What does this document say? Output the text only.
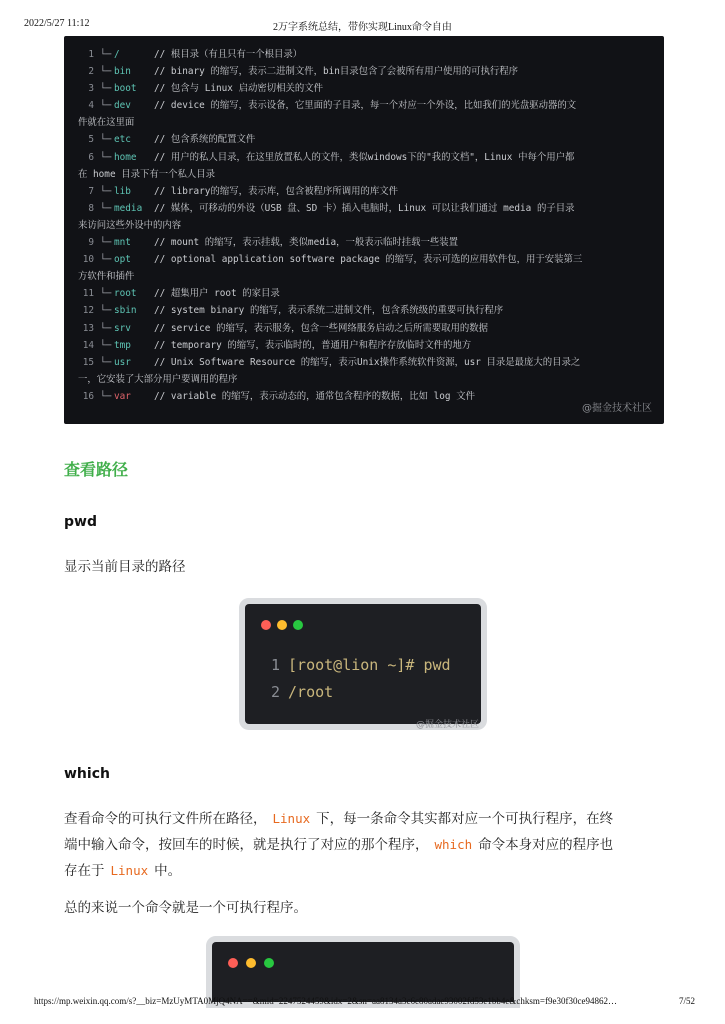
2022/5/27 11:12	2万字系统总结，带你实现Linux命令自由
1 └─ /	// 根目录（有且只有一个根目录）
2 └─ bin // binary 的缩写，表示二进制文件，bin目录包含了会被所有用户使用的可执行程序
3 └─ boot // 包含与 Linux 启动密切相关的文件
4 └─ dev // device 的缩写，表示设备，它里面的子目录，每一个对应一个外设，比如我们的光盘驱动器的文
件就在这里面
5 └─ etc // 包含系统的配置文件
6 └─ home // 用户的私人目录，在这里放置私人的文件，类似windows下的"我的文档"，Linux 中每个用户都
在 home 目录下有一个私人目录
7 └─ lib // library的缩写，表示库，包含被程序所调用的库文件
8 └─ media // 媒体，可移动的外设（USB 盘、SD 卡）插入电脑时，Linux 可以让我们通过 media 的子目录
来访问这些外设中的内容
9 └─ mnt // mount 的缩写，表示挂载，类似media，一般表示临时挂载一些装置
10 └─ opt // optional application software package 的缩写，表示可选的应用软件包，用于安装第三
方软件和插件
11 └─ root // 超集用户 root 的家目录
12 └─ sbin // system binary 的缩写，表示系统二进制文件，包含系统级的重要可执行程序
13 └─ srv // service 的缩写，表示服务，包含一些网络服务启动之后所需要取用的数据
14 └─ tmp // temporary 的缩写，表示临时的，普通用户和程序存放临时文件的地方
15 └─ usr // Unix Software Resource 的缩写，表示Unix操作系统软件资源，usr 目录是最庞大的目录之
一，它安装了大部分用户要调用的程序
16 └─ var // variable 的缩写，表示动态的，通常包含程序的数据，比如 log 文件
@掘金技术社区
查看路径
pwd
显示当前目录的路径
1 [root@lion ~]# pwd
2 /root
@掘金技术社区
which
查看命令的可执行文件所在路径， Linux 下，每一条命令其实都对应一个可执行程序，在终
端中输入命令，按回车的时候，就是执行了对应的那个程序， which 命令本身对应的程序也
存在于 Linux 中。
总的来说一个命令就是一个可执行程序。
https://mp.weixin.qq.com/s?__biz=MzUyMTA0MjQ4NA==&mid=2247524459&idx=2&sn=aa8134a3c6c80adae93002fd53e1bb4e&chksm=f9e30f30ce94862…	7/52
